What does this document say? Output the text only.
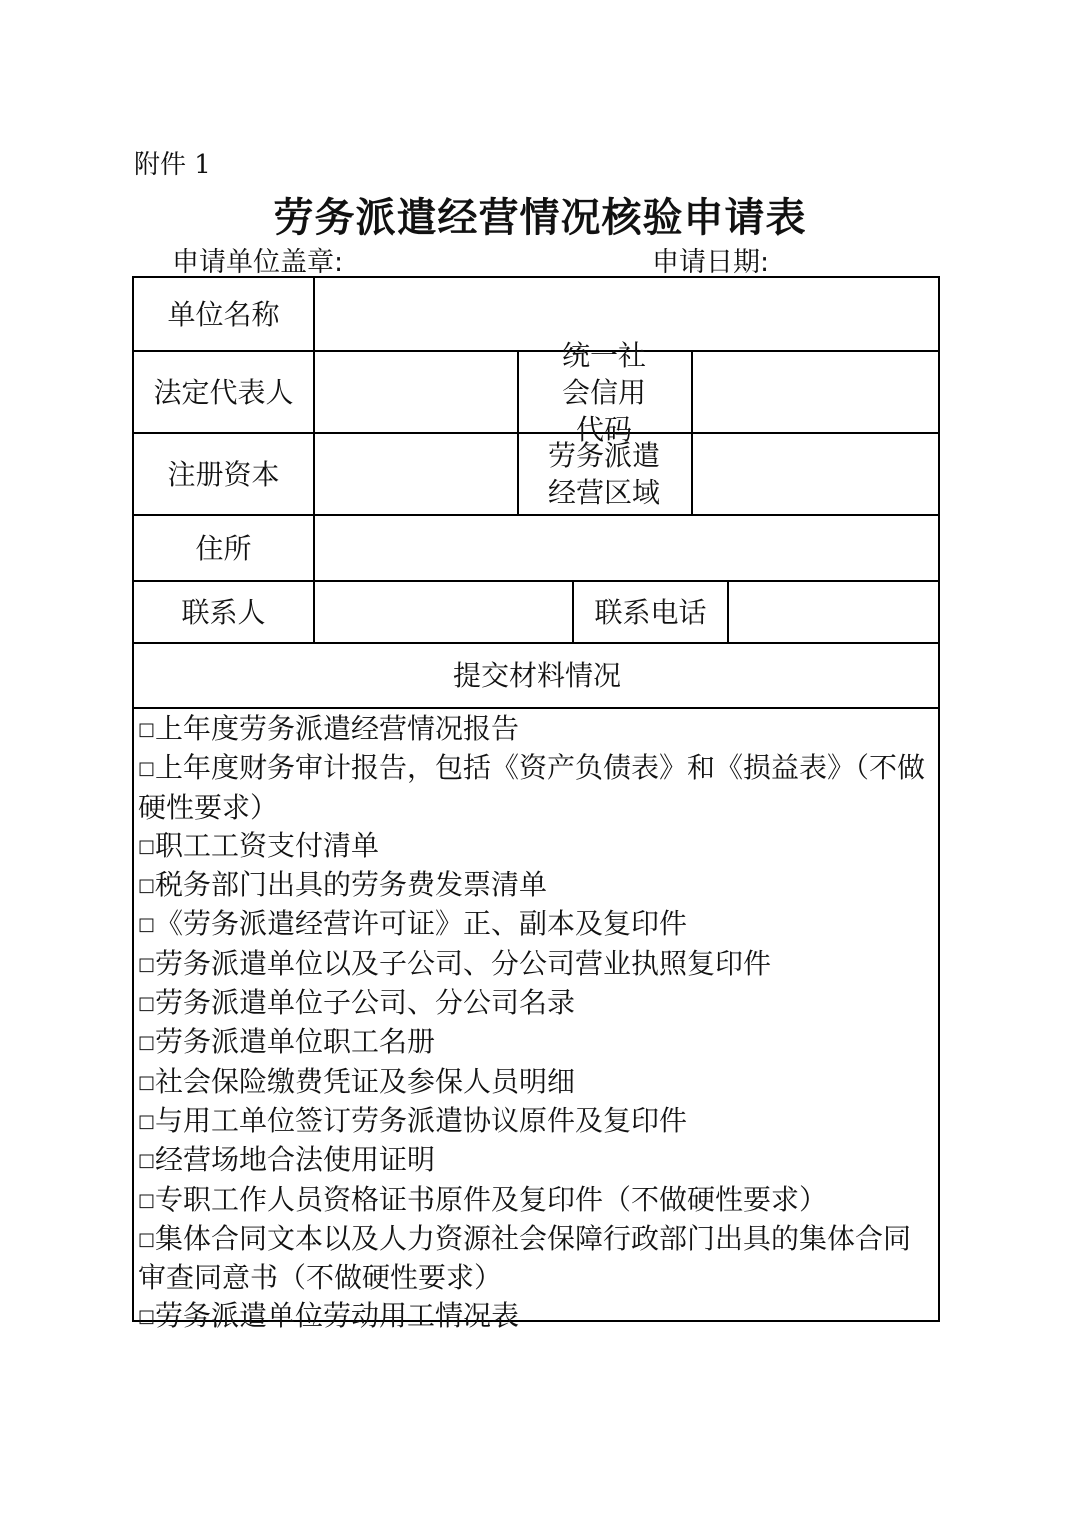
附件 1
劳务派遣经营情况核验申请表
申请单位盖章:	申请日期:
单位名称
法定代表人
统一社会信用代码
注册资本
劳务派遣经营区域
住所
联系人	联系电话
提交材料情况
□上年度劳务派遣经营情况报告
□上年度财务审计报告，包括《资产负债表》和《损益表》（不做硬性要求）
□职工工资支付清单
□税务部门出具的劳务费发票清单
□《劳务派遣经营许可证》正、副本及复印件
□劳务派遣单位以及子公司、分公司营业执照复印件
□劳务派遣单位子公司、分公司名录
□劳务派遣单位职工名册
□社会保险缴费凭证及参保人员明细
□与用工单位签订劳务派遣协议原件及复印件
□经营场地合法使用证明
□专职工作人员资格证书原件及复印件（不做硬性要求）
□集体合同文本以及人力资源社会保障行政部门出具的集体合同审查同意书（不做硬性要求）
□劳务派遣单位劳动用工情况表
